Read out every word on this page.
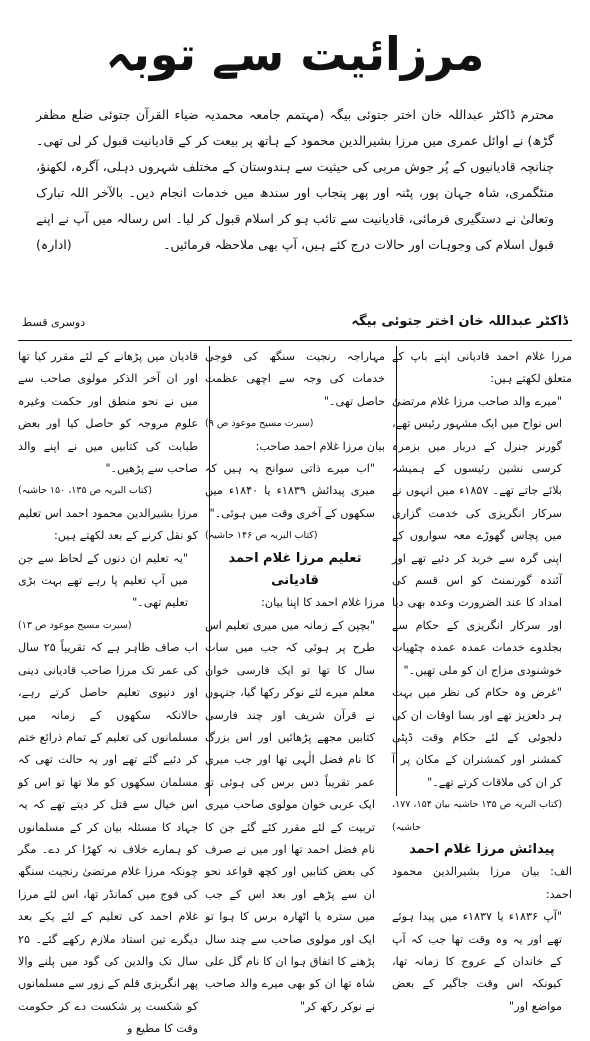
مرزائیت سے توبہ

محترم ڈاکٹر عبداللہ خان اختر جتوئی بیگہ (مہتمم جامعہ محمدیہ ضیاء القرآن جتوئی ضلع مظفر گڑھ) نے اوائل عمری میں مرزا بشیرالدین محمود کے ہاتھ پر بیعت کر کے قادیانیت قبول کر لی تھی۔ چنانچہ قادیانیوں کے پُر جوش مربی کی حیثیت سے ہندوستان کے مختلف شہروں دہلی، آگرہ، لکھنؤ، منٹگمری، شاہ جہان پور، پٹنہ اور پھر پنجاب اور سندھ میں خدمات انجام دیں۔ بالآخر اللہ تبارک وتعالیٰ نے دستگیری فرمائی، قادیانیت سے تائب ہو کر اسلام قبول کر لیا۔ اس رسالہ میں آپ نے اپنے قبول اسلام کی وجوہات اور حالات درج کئے ہیں، آپ بھی ملاحظہ فرمائیں۔
(ادارہ)

ڈاکٹر عبداللہ خان اختر جتوئی بیگہ
دوسری قسط

مرزا غلام احمد قادیانی اپنے باپ کے متعلق لکھتے ہیں:

"میرے والد صاحب مرزا غلام مرتضیٰ اس نواح میں ایک مشہور رئیس تھے، گورنر جنرل کے دربار میں بزمرہ کرسی نشین رئیسوں کے ہمیشہ بلائے جاتے تھے۔ ۱۸۵۷ء میں انہوں نے سرکار انگریزی کی خدمت گزاری میں پچاس گھوڑے معہ سواروں کے اپنی گرہ سے خرید کر دئیے تھے اور آئندہ گورنمنٹ کو اس قسم کی امداد کا عند الضرورت وعدہ بھی دیا اور سرکار انگریزی کے حکام سے بجلدوے خدمات عمدہ عمدہ چٹھیات خوشنودی مزاج ان کو ملی تھیں۔"

"غرض وہ حکام کی نظر میں بہت ہر دلعزیز تھے اور بسا اوقات ان کی دلجوئی کے لئے حکام وقت ڈپٹی کمشنر اور کمشنران کے مکان پر آ کر ان کی ملاقات کرتے تھے۔"

(کتاب البریہ ص ۱۳۵ حاشیہ بیان ۱۵۴، ۱۷۷، حاشیہ)

پیدائش مرزا غلام احمد

الف: بیان مرزا بشیرالدین محمود احمد:

"آپ ۱۸۳۶ء یا ۱۸۳۷ء میں پیدا ہوئے تھے اور یہ وہ وقت تھا جب کہ آپ کے خاندان کے عروج کا زمانہ تھا، کیونکہ اس وقت جاگیر کے بعض مواضع اور"

مہاراجہ رنجیت سنگھ کی فوجی خدمات کی وجہ سے اچھی عظمت حاصل تھی۔"

(سیرت مسیح موعود ص ۹)

بیان مرزا غلام احمد صاحب:

"اب میرے ذاتی سوانح یہ ہیں کہ میری پیدائش ۱۸۳۹ء یا ۱۸۴۰ء میں سکھوں کے آخری وقت میں ہوئی۔"

(کتاب البریہ ص ۱۴۶ حاشیہ)

تعلیم مرزا غلام احمد قادیانی

مرزا غلام احمد کا اپنا بیان:

"بچپن کے زمانہ میں میری تعلیم اس طرح پر ہوئی کہ جب میں سات سال کا تھا تو ایک فارسی خوان معلم میرے لئے نوکر رکھا گیا، جنہوں نے قرآن شریف اور چند فارسی کتابیں مجھے پڑھائیں اور اس بزرگ کا نام فضل الٰہی تھا اور جب میری عمر تقریباً دس برس کی ہوئی تو ایک عربی خوان مولوی صاحب میری تربیت کے لئے مقرر کئے گئے جن کا نام فضل احمد تھا اور میں نے صرف کی بعض کتابیں اور کچھ قواعد نحو ان سے پڑھے اور بعد اس کے جب میں سترہ یا اٹھارہ برس کا ہوا تو ایک اور مولوی صاحب سے چند سال پڑھنے کا اتفاق ہوا ان کا نام گل علی شاہ تھا ان کو بھی میرے والد صاحب نے نوکر رکھ کر"

قادیان میں پڑھانے کے لئے مقرر کیا تھا اور ان آخر الذکر مولوی صاحب سے میں نے نحو منطق اور حکمت وغیرہ علوم مروجہ کو حاصل کیا اور بعض طبابت کی کتابیں میں نے اپنے والد صاحب سے پڑھیں۔"

(کتاب البریہ ص ۱۳۵، ۱۵۰ حاشیہ)

مرزا بشیرالدین محمود احمد اس تعلیم کو نقل کرنے کے بعد لکھتے ہیں:

"یہ تعلیم ان دنوں کے لحاظ سے جن میں آپ تعلیم پا رہے تھے بہت بڑی تعلیم تھی۔"

(سیرت مسیح موعود ص ۱۳)

اب صاف ظاہر ہے کہ تقریباً ۲۵ سال کی عمر تک مرزا صاحب قادیانی دینی اور دنیوی تعلیم حاصل کرتے رہے، حالانکہ سکھوں کے زمانہ میں مسلمانوں کی تعلیم کے تمام ذرائع ختم کر دئیے گئے تھے اور یہ حالت تھی کہ مسلمان سکھوں کو ملا تھا تو اس کو اس خیال سے قتل کر دیتے تھے کہ یہ جہاد کا مسئلہ بیان کر کے مسلمانوں کو ہمارے خلاف نہ کھڑا کر دے۔ مگر چونکہ مرزا غلام مرتضیٰ رنجیت سنگھ کی فوج میں کمانڈر تھا، اس لئے مرزا غلام احمد کی تعلیم کے لئے یکے بعد دیگرے تین استاد ملازم رکھے گئے۔ ۲۵ سال تک والدین کی گود میں پلنے والا پھر انگریزی قلم کے زور سے مسلمانوں کو شکست پر شکست دے کر حکومت وقت کا مطیع و
